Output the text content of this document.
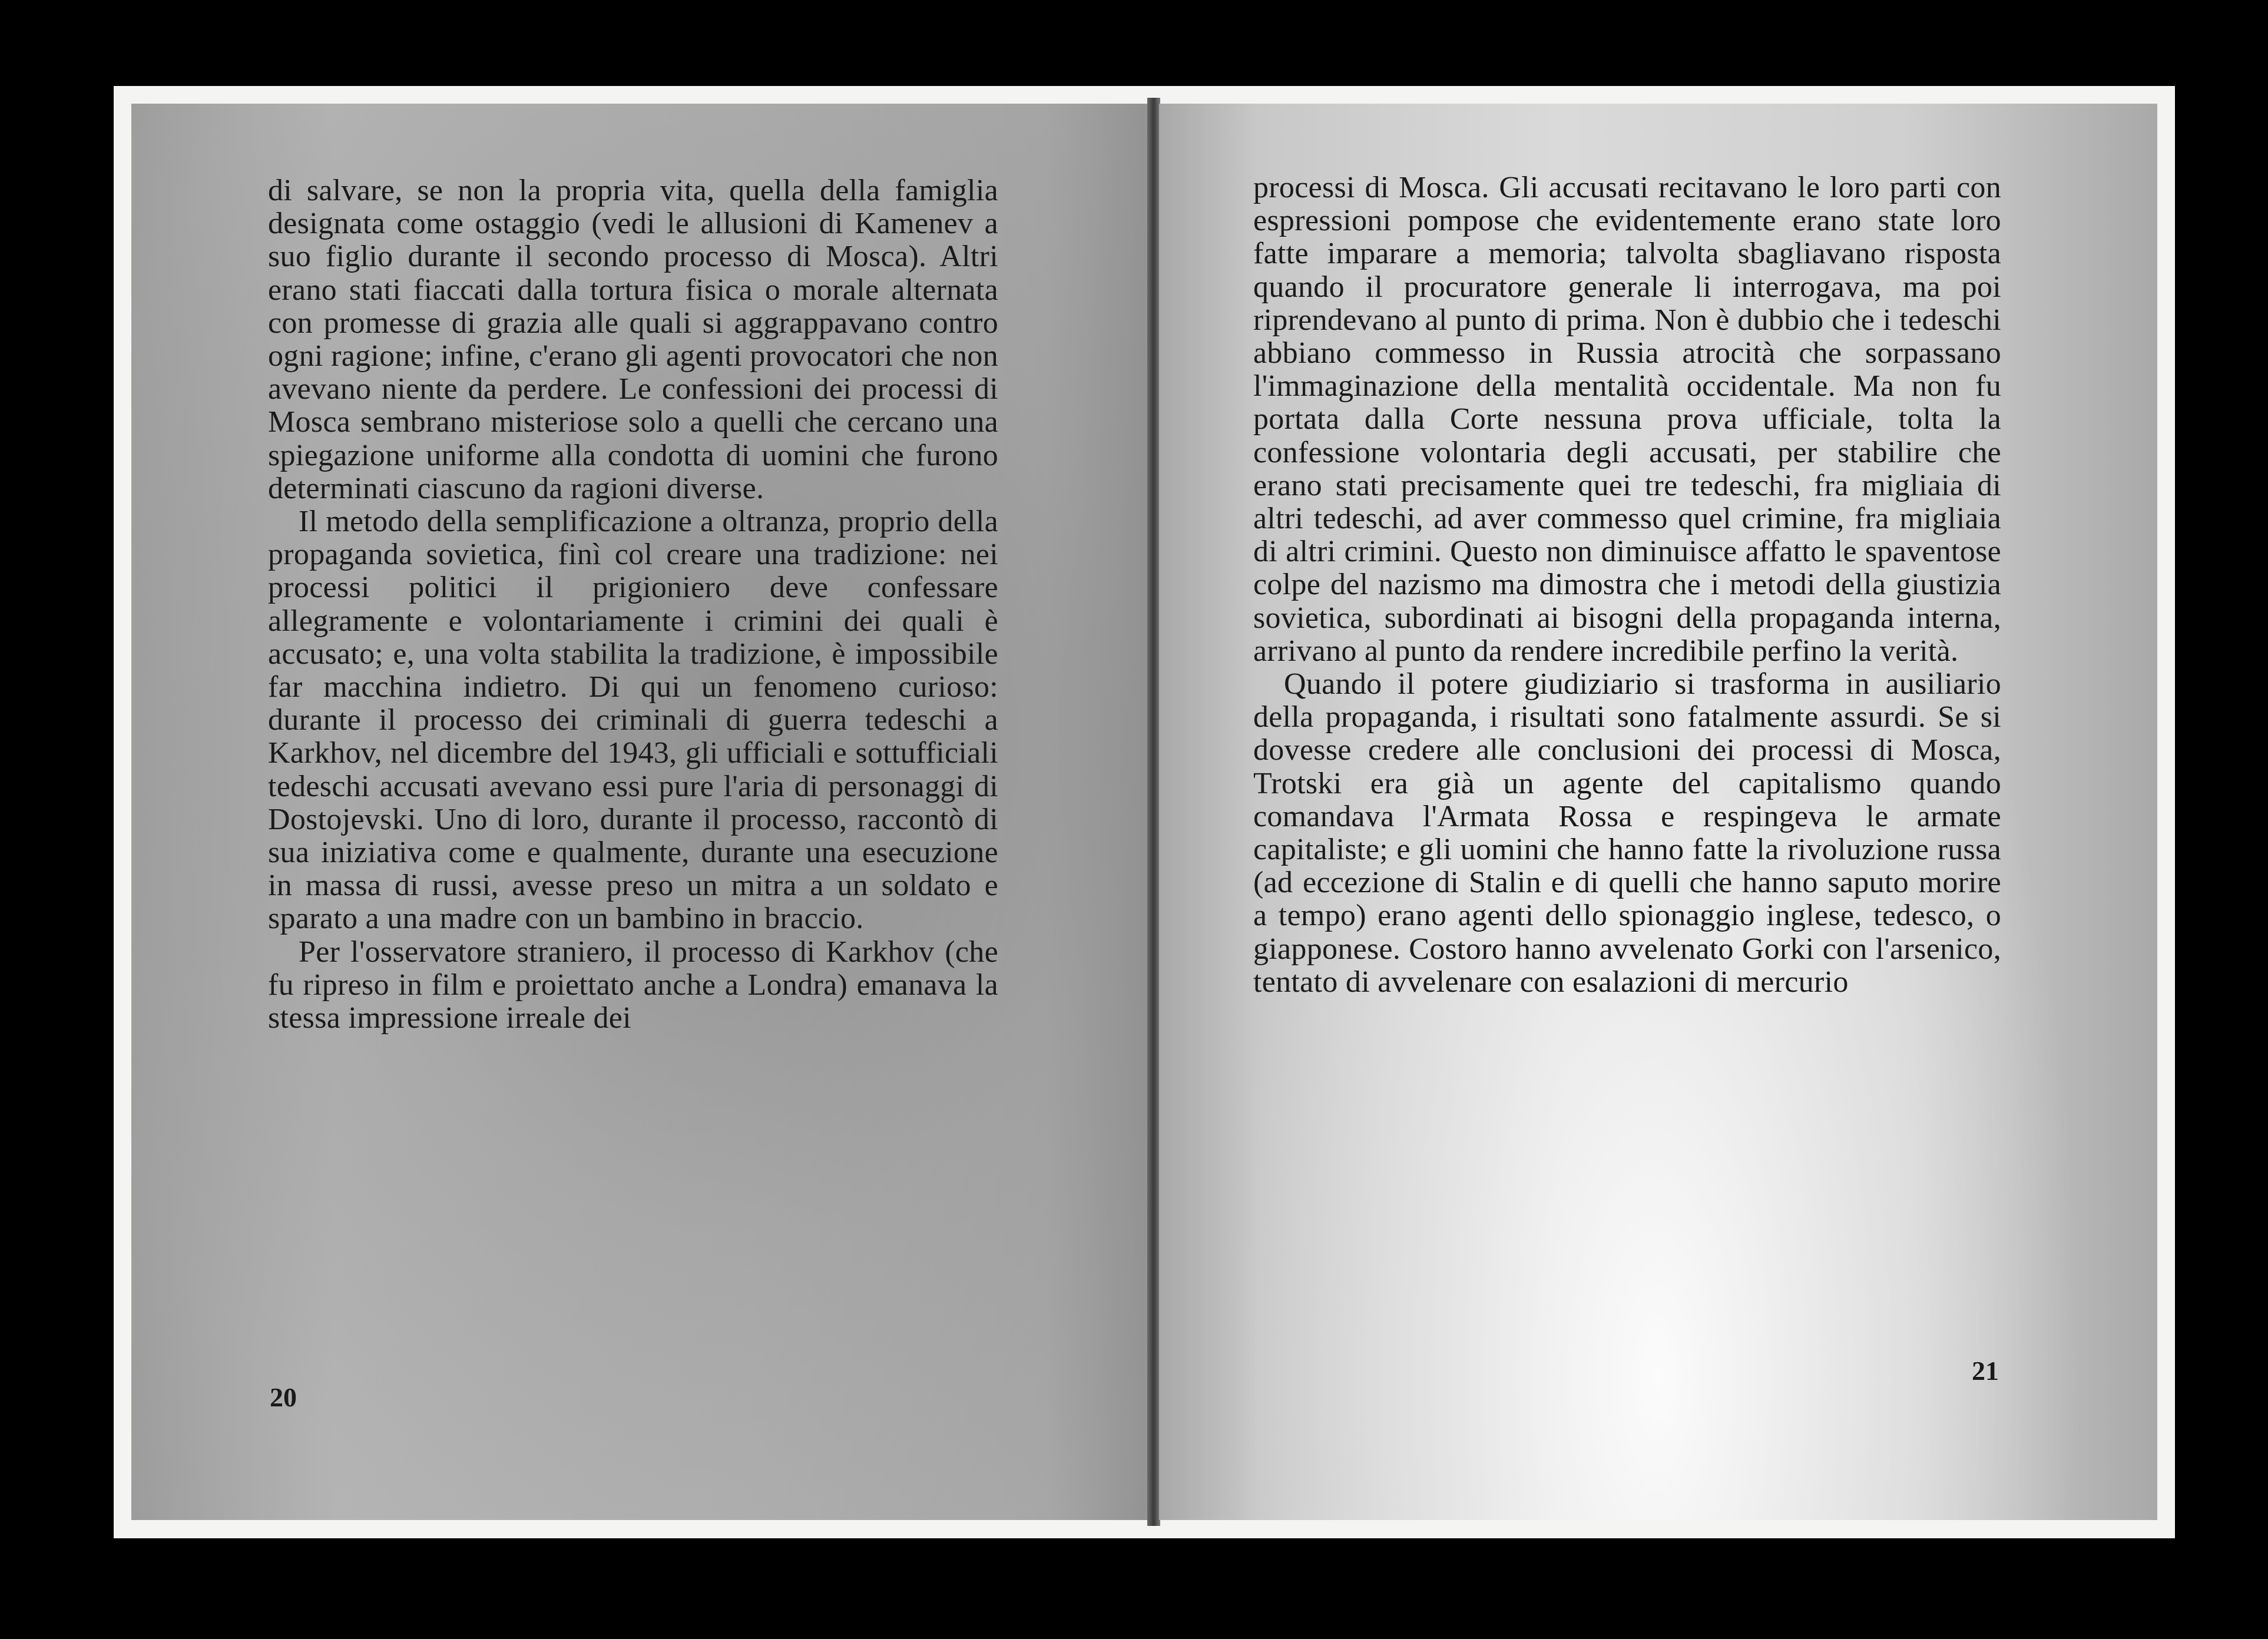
di salvare, se non la propria vita, quella della famiglia designata come ostaggio (vedi le allusioni di Kamenev a suo figlio durante il secondo processo di Mosca). Altri erano stati fiaccati dalla tortura fisica o morale alternata con promesse di grazia alle quali si aggrappavano contro ogni ragione; infine, c'erano gli agenti provocatori che non avevano niente da perdere. Le confessioni dei processi di Mosca sembrano misteriose solo a quelli che cercano una spiegazione uniforme alla condotta di uomini che furono determinati ciascuno da ragioni diverse.

Il metodo della semplificazione a oltranza, proprio della propaganda sovietica, finì col creare una tradizione: nei processi politici il prigioniero deve confessare allegramente e volontariamente i crimini dei quali è accusato; e, una volta stabilita la tradizione, è impossibile far macchina indietro. Di qui un fenomeno curioso: durante il processo dei criminali di guerra tedeschi a Karkhov, nel dicembre del 1943, gli ufficiali e sottufficiali tedeschi accusati avevano essi pure l'aria di personaggi di Dostojevski. Uno di loro, durante il processo, raccontò di sua iniziativa come e qualmente, durante una esecuzione in massa di russi, avesse preso un mitra a un soldato e sparato a una madre con un bambino in braccio.

Per l'osservatore straniero, il processo di Karkhov (che fu ripreso in film e proiettato anche a Londra) emanava la stessa impressione irreale dei

20

processi di Mosca. Gli accusati recitavano le loro parti con espressioni pompose che evidentemente erano state loro fatte imparare a memoria; talvolta sbagliavano risposta quando il procuratore generale li interrogava, ma poi riprendevano al punto di prima. Non è dubbio che i tedeschi abbiano commesso in Russia atrocità che sorpassano l'immaginazione della mentalità occidentale. Ma non fu portata dalla Corte nessuna prova ufficiale, tolta la confessione volontaria degli accusati, per stabilire che erano stati precisamente quei tre tedeschi, fra migliaia di altri tedeschi, ad aver commesso quel crimine, fra migliaia di altri crimini. Questo non diminuisce affatto le spaventose colpe del nazismo ma dimostra che i metodi della giustizia sovietica, subordinati ai bisogni della propaganda interna, arrivano al punto da rendere incredibile perfino la verità.

Quando il potere giudiziario si trasforma in ausiliario della propaganda, i risultati sono fatalmente assurdi. Se si dovesse credere alle conclusioni dei processi di Mosca, Trotski era già un agente del capitalismo quando comandava l'Armata Rossa e respingeva le armate capitaliste; e gli uomini che hanno fatte la rivoluzione russa (ad eccezione di Stalin e di quelli che hanno saputo morire a tempo) erano agenti dello spionaggio inglese, tedesco, o giapponese. Costoro hanno avvelenato Gorki con l'arsenico, tentato di avvelenare con esalazioni di mercurio

21
